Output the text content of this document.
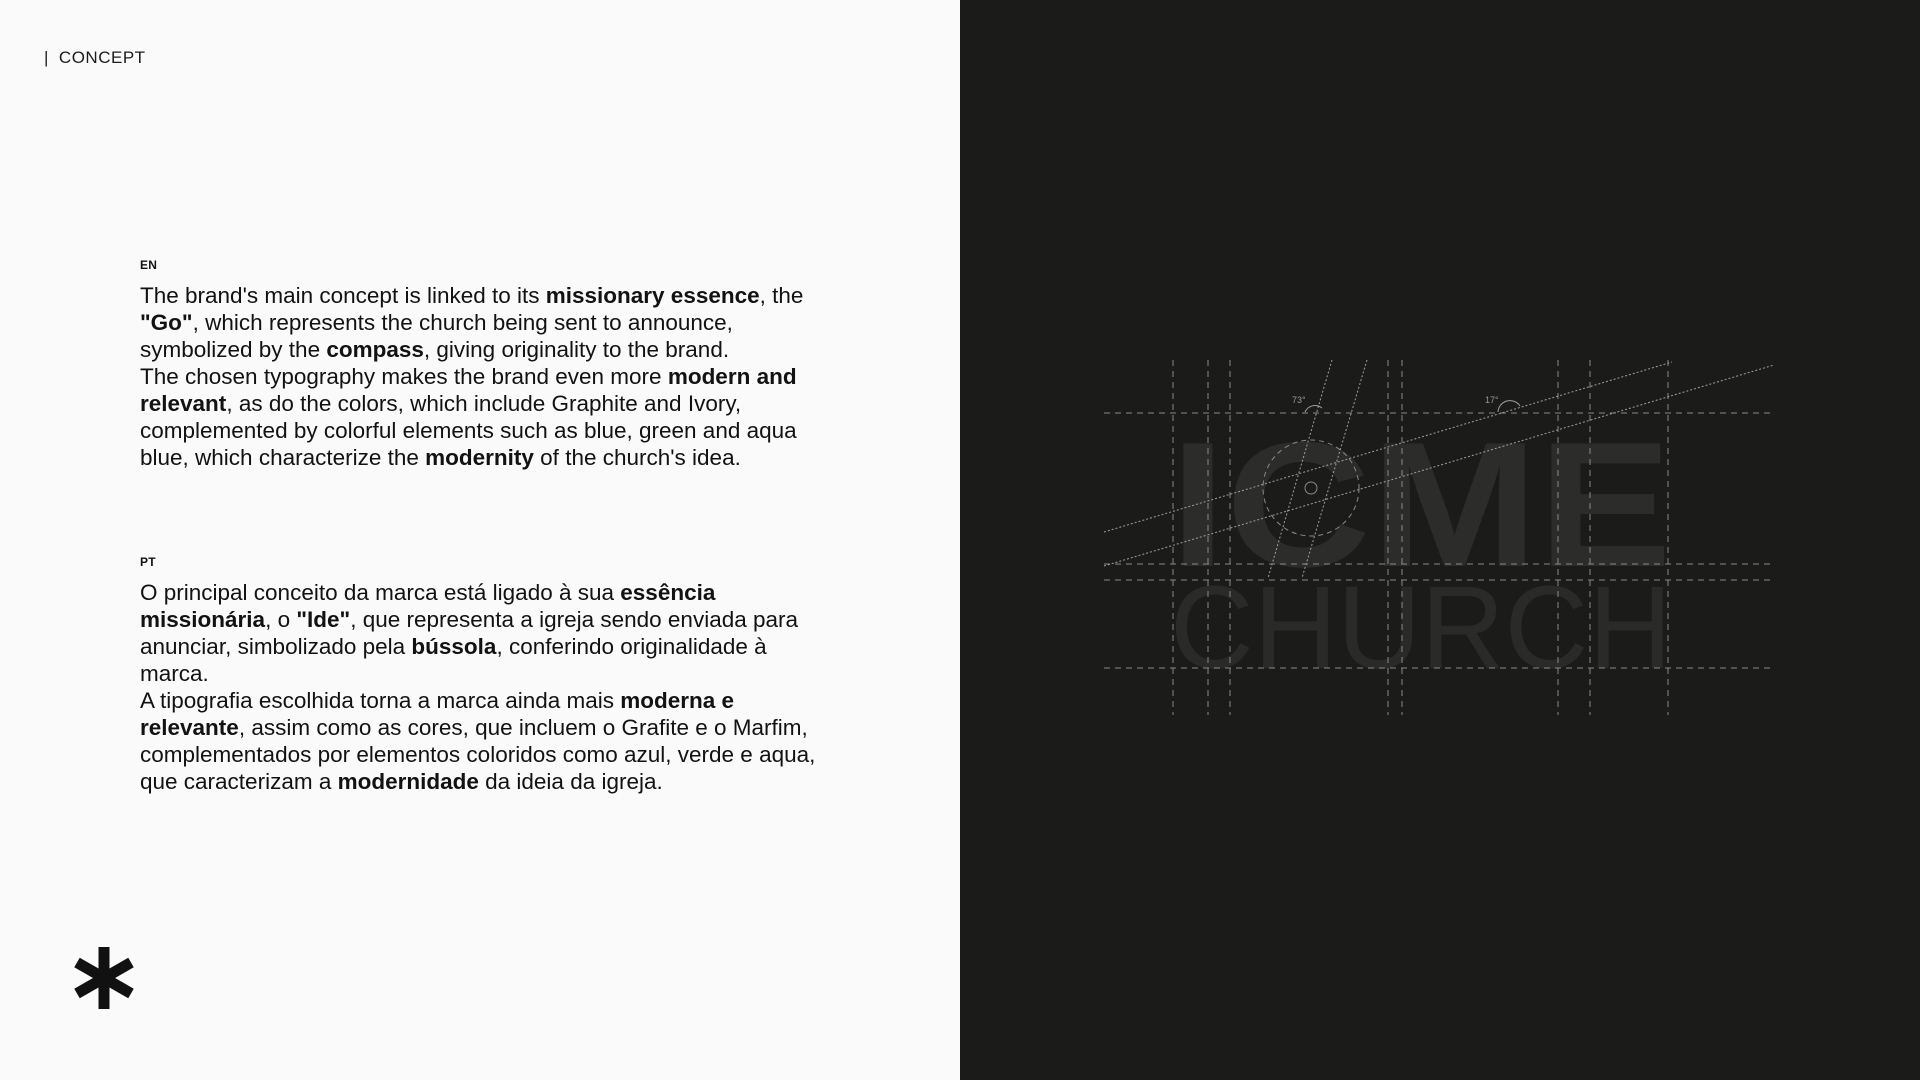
| CONCEPT
EN

The brand's main concept is linked to its missionary essence, the "Go", which represents the church being sent to announce, symbolized by the compass, giving originality to the brand.

The chosen typography makes the brand even more modern and relevant, as do the colors, which include Graphite and Ivory, complemented by colorful elements such as blue, green and aqua blue, which characterize the modernity of the church's idea.

PT

O principal conceito da marca está ligado à sua essência missionária, o "Ide", que representa a igreja sendo enviada para anunciar, simbolizado pela bússola, conferindo originalidade à marca.

A tipografia escolhida torna a marca ainda mais moderna e relevante, assim como as cores, que incluem o Grafite e o Marfim, complementados por elementos coloridos como azul, verde e aqua, que caracterizam a modernidade da ideia da igreja.

ICME
CHURCH
73°	17°
